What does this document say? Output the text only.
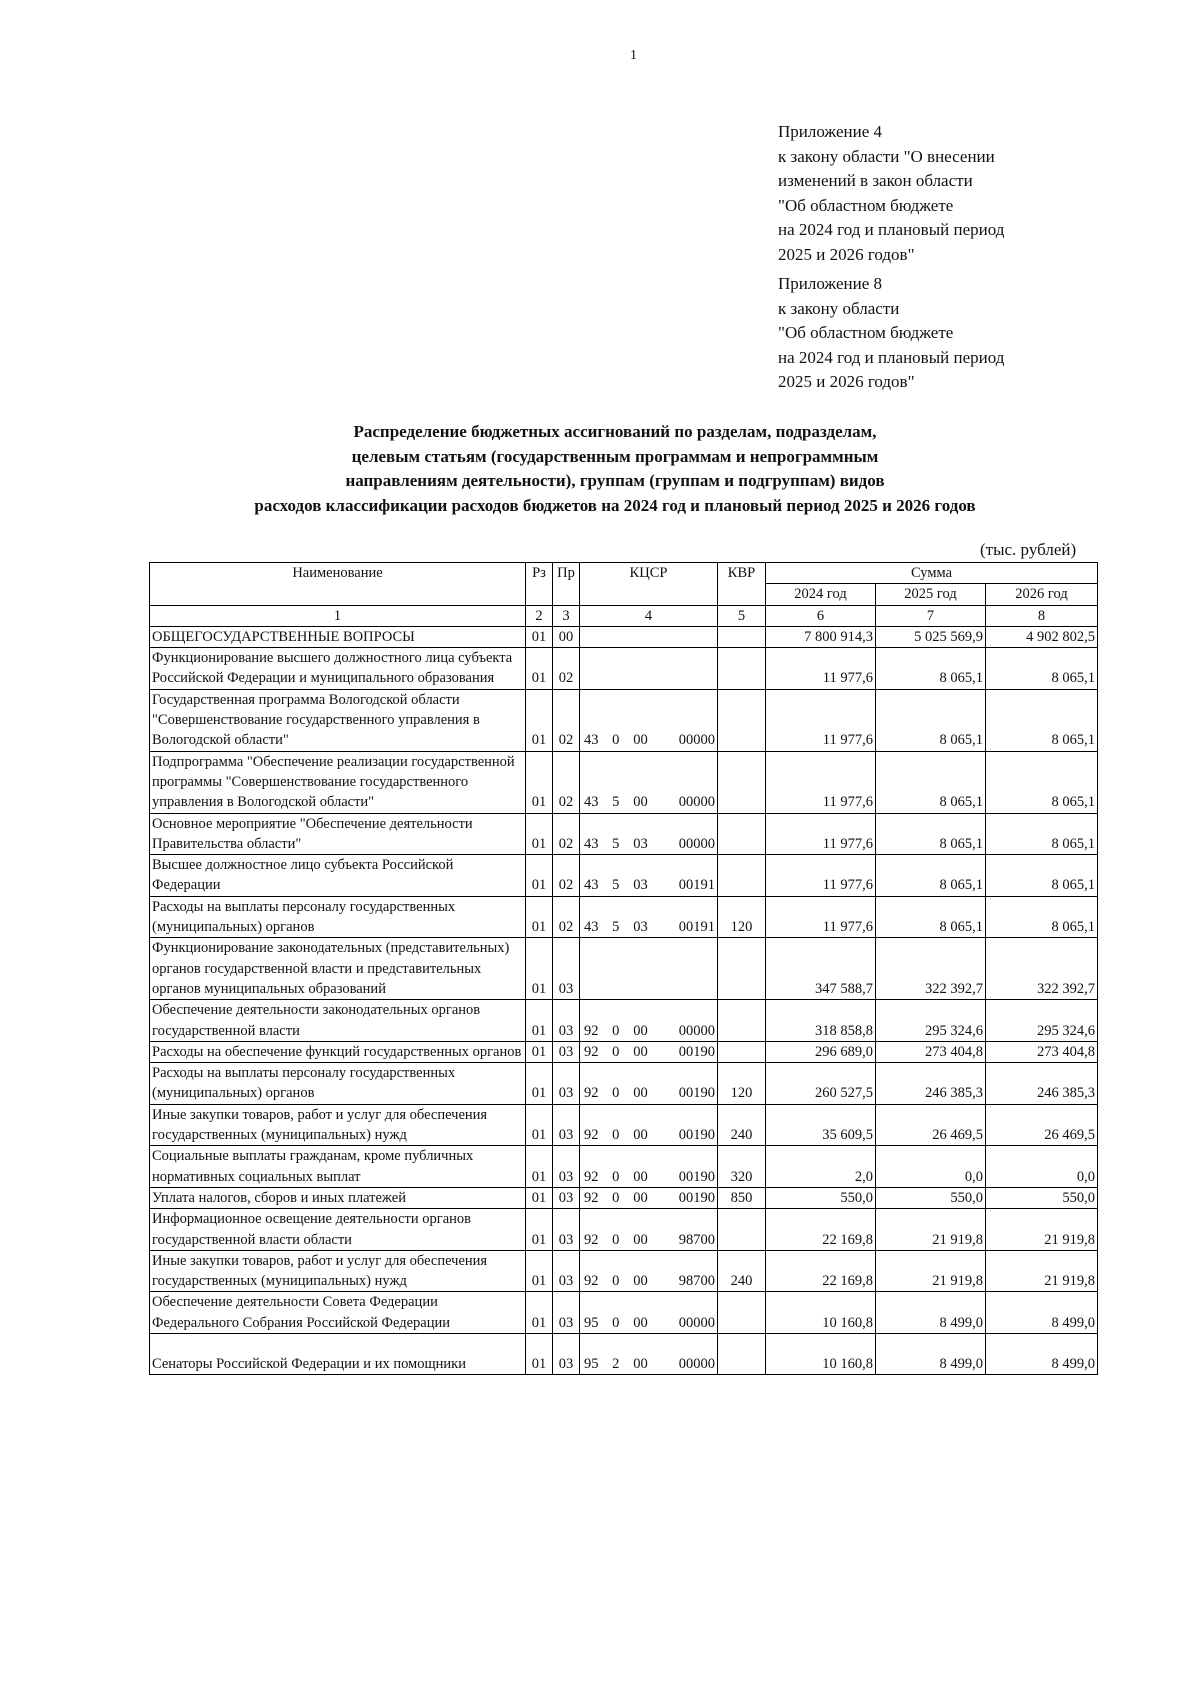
1
Приложение 4
к закону области "О внесении
изменений в закон области
"Об областном бюджете
на 2024 год и плановый период
2025 и 2026 годов"
Приложение 8
к закону области
"Об областном бюджете
на 2024 год и плановый период
2025 и 2026 годов"
Распределение бюджетных ассигнований по разделам, подразделам,
целевым статьям (государственным программам и непрограммным
направлениям деятельности), группам (группам и подгруппам) видов
расходов классификации расходов бюджетов на 2024 год и плановый период 2025 и 2026 годов
(тыс. рублей)
Наименование	Рз	Пр	КЦСР	КВР	Сумма		
					2024 год	2025 год	2026 год
1	2	3	4	5	6	7	8
ОБЩЕГОСУДАРСТВЕННЫЕ ВОПРОСЫ	01	00			7 800 914,3	5 025 569,9	4 902 802,5
Функционирование высшего должностного лица субъекта Российской Федерации и муниципального образования	01	02			11 977,6	8 065,1	8 065,1
Государственная программа Вологодской области "Совершенствование государственного управления в Вологодской области"	01	02	43 0 00 00000		11 977,6	8 065,1	8 065,1
Подпрограмма "Обеспечение реализации государственной программы "Совершенствование государственного управления в Вологодской области"	01	02	43 5 00 00000		11 977,6	8 065,1	8 065,1
Основное мероприятие "Обеспечение деятельности Правительства области"	01	02	43 5 03 00000		11 977,6	8 065,1	8 065,1
Высшее должностное лицо субъекта Российской Федерации	01	02	43 5 03 00191		11 977,6	8 065,1	8 065,1
Расходы на выплаты персоналу государственных (муниципальных) органов	01	02	43 5 03 00191	120	11 977,6	8 065,1	8 065,1
Функционирование законодательных (представительных) органов государственной власти и представительных органов муниципальных образований	01	03			347 588,7	322 392,7	322 392,7
Обеспечение деятельности законодательных органов государственной власти	01	03	92 0 00 00000		318 858,8	295 324,6	295 324,6
Расходы на обеспечение функций государственных органов	01	03	92 0 00 00190		296 689,0	273 404,8	273 404,8
Расходы на выплаты персоналу государственных (муниципальных) органов	01	03	92 0 00 00190	120	260 527,5	246 385,3	246 385,3
Иные закупки товаров, работ и услуг для обеспечения государственных (муниципальных) нужд	01	03	92 0 00 00190	240	35 609,5	26 469,5	26 469,5
Социальные выплаты гражданам, кроме публичных нормативных социальных выплат	01	03	92 0 00 00190	320	2,0	0,0	0,0
Уплата налогов, сборов и иных платежей	01	03	92 0 00 00190	850	550,0	550,0	550,0
Информационное освещение деятельности органов государственной власти области	01	03	92 0 00 98700		22 169,8	21 919,8	21 919,8
Иные закупки товаров, работ и услуг для обеспечения государственных (муниципальных) нужд	01	03	92 0 00 98700	240	22 169,8	21 919,8	21 919,8
Обеспечение деятельности Совета Федерации Федерального Собрания Российской Федерации	01	03	95 0 00 00000		10 160,8	8 499,0	8 499,0
Сенаторы Российской Федерации и их помощники	01	03	95 2 00 00000		10 160,8	8 499,0	8 499,0
